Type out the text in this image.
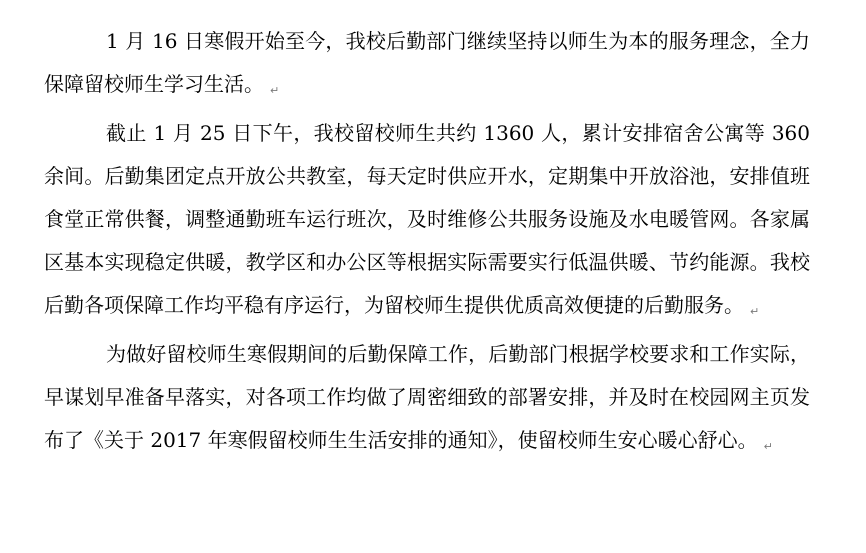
1 月 16 日寒假开始至今，我校后勤部门继续坚持以师生为本的服务理念，全力保障留校师生学习生活。 ↵

截止 1 月 25 日下午，我校留校师生共约 1360 人，累计安排宿舍公寓等 360 余间。后勤集团定点开放公共教室，每天定时供应开水，定期集中开放浴池，安排值班食堂正常供餐，调整通勤班车运行班次，及时维修公共服务设施及水电暖管网。各家属区基本实现稳定供暖，教学区和办公区等根据实际需要实行低温供暖、节约能源。我校后勤各项保障工作均平稳有序运行，为留校师生提供优质高效便捷的后勤服务。 ↵

为做好留校师生寒假期间的后勤保障工作，后勤部门根据学校要求和工作实际，早谋划早准备早落实，对各项工作均做了周密细致的部署安排，并及时在校园网主页发布了《关于 2017 年寒假留校师生生活安排的通知》，使留校师生安心暖心舒心。 ↵
